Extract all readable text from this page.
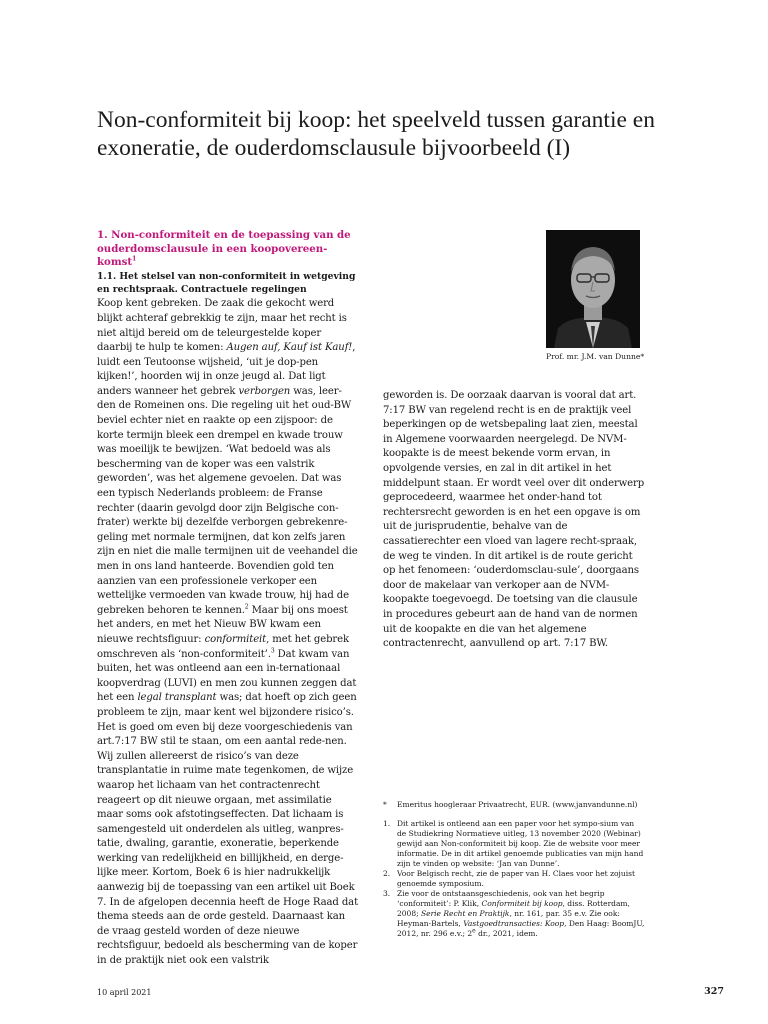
Non-conformiteit bij koop: het speelveld tussen garantie en exoneratie, de ouderdomsclausule bijvoorbeeld (I)

1. Non-conformiteit en de toepassing van de ouderdomsclausule in een koopovereen-komst$^1$

1.1. Het stelsel van non-conformiteit in wetgeving en rechtspraak. Contractuele regelingen

Koop kent gebreken. De zaak die gekocht werd blijkt achteraf gebrekkig te zijn, maar het recht is niet altijd bereid om de teleurgestelde koper daarbij te hulp te komen: Augen auf, Kauf ist Kauf!, luidt een Teutoonse wijsheid, ‘uit je dop-pen kijken!’, hoorden wij in onze jeugd al. Dat ligt anders wanneer het gebrek verborgen was, leer-den de Romeinen ons. Die regeling uit het oud-BW beviel echter niet en raakte op een zijspoor: de korte termijn bleek een drempel en kwade trouw was moeilijk te bewijzen. ‘Wat bedoeld was als bescherming van de koper was een valstrik geworden’, was het algemene gevoelen. Dat was een typisch Nederlands probleem: de Franse rechter (daarin gevolgd door zijn Belgische con-frater) werkte bij dezelfde verborgen gebrekenre-geling met normale termijnen, dat kon zelfs jaren zijn en niet die malle termijnen uit de veehandel die men in ons land hanteerde. Bovendien gold ten aanzien van een professionele verkoper een wettelijke vermoeden van kwade trouw, hij had de gebreken behoren te kennen.$^2$ Maar bij ons moest het anders, en met het Nieuw BW kwam een nieuwe rechtsfiguur: conformiteit, met het gebrek omschreven als ‘non-conformiteit’.$^3$ Dat kwam van buiten, het was ontleend aan een in-ternationaal koopverdrag (LUVI) en men zou kunnen zeggen dat het een legal transplant was; dat hoeft op zich geen probleem te zijn, maar kent wel bijzondere risico’s.

Het is goed om even bij deze voorgeschiedenis van art.7:17 BW stil te staan, om een aantal rede-nen. Wij zullen allereerst de risico’s van deze transplantatie in ruime mate tegenkomen, de wijze waarop het lichaam van het contractenrecht reageert op dit nieuwe orgaan, met assimilatie maar soms ook afstotingseffecten. Dat lichaam is samengesteld uit onderdelen als uitleg, wanpres-tatie, dwaling, garantie, exoneratie, beperkende werking van redelijkheid en billijkheid, en derge-lijke meer. Kortom, Boek 6 is hier nadrukkelijk aanwezig bij de toepassing van een artikel uit Boek 7. In de afgelopen decennia heeft de Hoge Raad dat thema steeds aan de orde gesteld. Daarnaast kan de vraag gesteld worden of deze nieuwe rechtsfiguur, bedoeld als bescherming van de koper in de praktijk niet ook een valstrik

Prof. mr. J.M. van Dunne*

geworden is. De oorzaak daarvan is vooral dat art. 7:17 BW van regelend recht is en de praktijk veel beperkingen op de wetsbepaling laat zien, meestal in Algemene voorwaarden neergelegd. De NVM-koopakte is de meest bekende vorm ervan, in opvolgende versies, en zal in dit artikel in het middelpunt staan. Er wordt veel over dit onderwerp geprocedeerd, waarmee het onder-hand tot rechtersrecht geworden is en het een opgave is om uit de jurisprudentie, behalve van de cassatierechter een vloed van lagere recht-spraak, de weg te vinden. In dit artikel is de route gericht op het fenomeen: ‘ouderdomsclau-sule’, doorgaans door de makelaar van verkoper aan de NVM-koopakte toegevoegd. De toetsing van die clausule in procedures gebeurt aan de hand van de normen uit de koopakte en die van het algemene contractenrecht, aanvullend op art. 7:17 BW.

* Emeritus hoogleraar Privaatrecht, EUR. (www.janvandunne.nl)

1. Dit artikel is ontleend aan een paper voor het sympo-sium van de Studiekring Normatieve uitleg, 13 november 2020 (Webinar) gewijd aan Non-conformiteit bij koop. Zie de website voor meer informatie. De in dit artikel genoemde publicaties van mijn hand zijn te vinden op website: ‘Jan van Dunne’.

2. Voor Belgisch recht, zie de paper van H. Claes voor het zojuist genoemde symposium.

3. Zie voor de ontstaansgeschiedenis, ook van het begrip ‘conformiteit’: P. Klik, Conformiteit bij koop, diss. Rotterdam, 2008; Serie Recht en Praktijk, nr. 161, par. 35 e.v. Zie ook: Heyman-Bartels, Vastgoedtransacties: Koop, Den Haag: BoomJU, 2012, nr. 296 e.v.; 2e dr., 2021, idem.

10 april 2021	327
